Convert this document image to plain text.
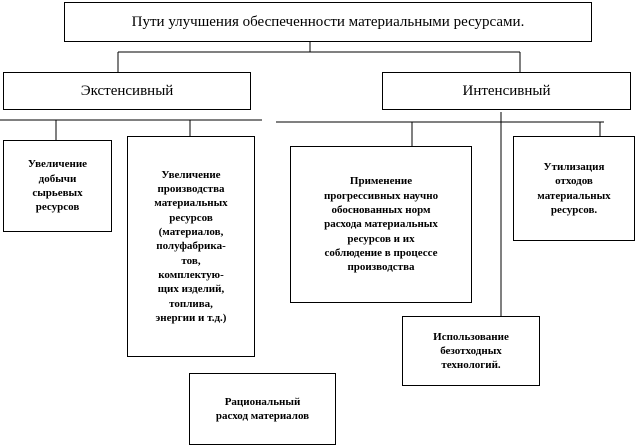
Пути улучшения обеспеченности материальными ресурсами.
Экстенсивный	Интенсивный
Увеличение
добычи
сырьевых
ресурсов
Увеличение
производства
материальных
ресурсов
(материалов,
полуфабрика-
тов,
комплектую-
щих изделий,
топлива,
энергии и т.д.)
Рациональный
расход материалов
Применение
прогрессивных научно
обоснованных норм
расхода материальных
ресурсов и их
соблюдение в процессе
производства
Использование
безотходных
технологий.
Утилизация
отходов
материальных
ресурсов.
